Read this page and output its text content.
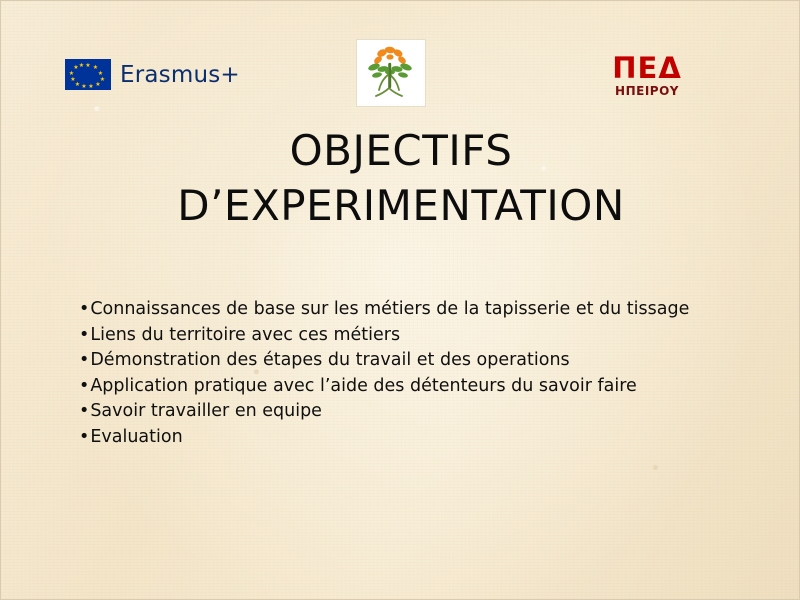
★ ★
★
★
★
★
★
★
★
★
★ ★ Erasmus+	ΠΕΔ
ΗΠΕΙΡΟΥ
OBJECTIFS
D’EXPERIMENTATION
•Connaissances de base sur les métiers de la tapisserie et du tissage
•Liens du territoire avec ces métiers
•Démonstration des étapes du travail et des operations
•Application pratique avec l’aide des détenteurs du savoir faire
•Savoir travailler en equipe
•Evaluation
